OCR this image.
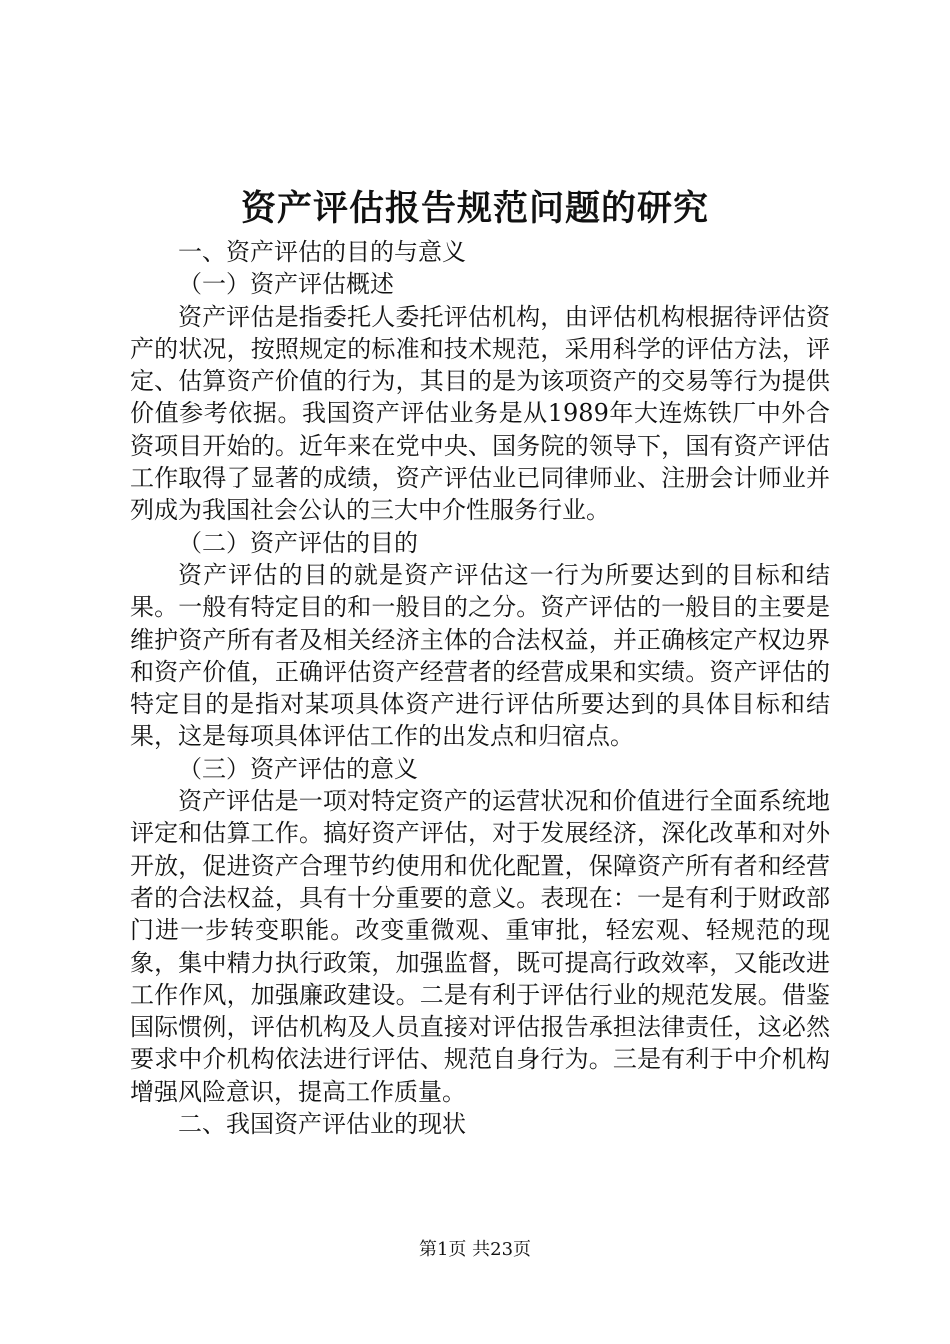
资产评估报告规范问题的研究

一、资产评估的目的与意义

（一）资产评估概述

资产评估是指委托人委托评估机构，由评估机构根据待评估资产的状况，按照规定的标准和技术规范，采用科学的评估方法，评定、估算资产价值的行为，其目的是为该项资产的交易等行为提供价值参考依据。我国资产评估业务是从1989年大连炼铁厂中外合资项目开始的。近年来在党中央、国务院的领导下，国有资产评估工作取得了显著的成绩，资产评估业已同律师业、注册会计师业并列成为我国社会公认的三大中介性服务行业。

（二）资产评估的目的

资产评估的目的就是资产评估这一行为所要达到的目标和结果。一般有特定目的和一般目的之分。资产评估的一般目的主要是维护资产所有者及相关经济主体的合法权益，并正确核定产权边界和资产价值，正确评估资产经营者的经营成果和实绩。资产评估的特定目的是指对某项具体资产进行评估所要达到的具体目标和结果，这是每项具体评估工作的出发点和归宿点。

（三）资产评估的意义

资产评估是一项对特定资产的运营状况和价值进行全面系统地评定和估算工作。搞好资产评估，对于发展经济，深化改革和对外开放，促进资产合理节约使用和优化配置，保障资产所有者和经营者的合法权益，具有十分重要的意义。表现在：一是有利于财政部门进一步转变职能。改变重微观、重审批，轻宏观、轻规范的现象，集中精力执行政策，加强监督，既可提高行政效率，又能改进工作作风，加强廉政建设。二是有利于评估行业的规范发展。借鉴国际惯例，评估机构及人员直接对评估报告承担法律责任，这必然要求中介机构依法进行评估、规范自身行为。三是有利于中介机构增强风险意识，提高工作质量。

二、我国资产评估业的现状

第1页 共23页
